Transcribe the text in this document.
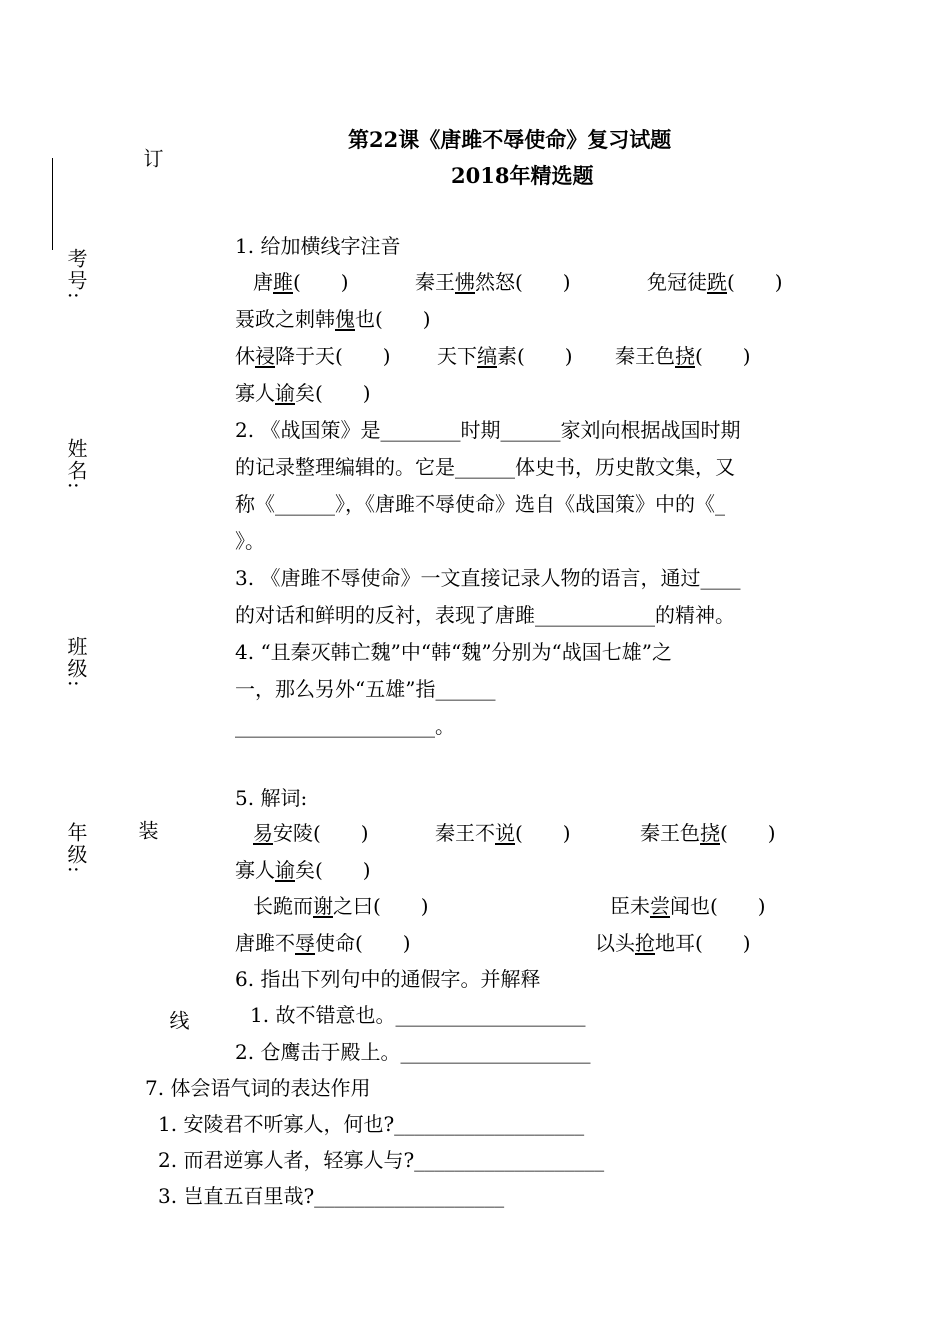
订
考号:
姓名:
班级:
年级: 装
线
第22课《唐雎不辱使命》复习试题
2018年精选题
1. 给加横线字注音
唐雎(　　)	秦王怫然怒(　　)	免冠徒跣(　　)
聂政之刺韩傀也(　　)
休祲降于天(　　) 天下缟素(　　) 秦王色挠(　　)
寡人谕矣(　　)
2. 《战国策》是________时期______家刘向根据战国时期
的记录整理编辑的。它是______体史书，历史散文集，又
称《______》，《唐雎不辱使命》选自《战国策》中的《_
》。
3. 《唐雎不辱使命》一文直接记录人物的语言，通过____
的对话和鲜明的反衬，表现了唐雎____________的精神。
4. “且秦灭韩亡魏”中“韩“魏”分别为“战国七雄”之
一，那么另外“五雄”指______
____________________。
5. 解词:
易安陵(　　)	秦王不说(　　)	秦王色挠(　　)
寡人谕矣(　　)
长跪而谢之曰(　　)	臣未尝闻也(　　)
唐雎不辱使命(　　)	以头抢地耳(　　)
6. 指出下列句中的通假字。并解释
1. 故不错意也。___________________
2. 仓鹰击于殿上。___________________
7. 体会语气词的表达作用
1. 安陵君不听寡人，何也?___________________
2. 而君逆寡人者，轻寡人与?___________________
3. 岂直五百里哉?___________________
